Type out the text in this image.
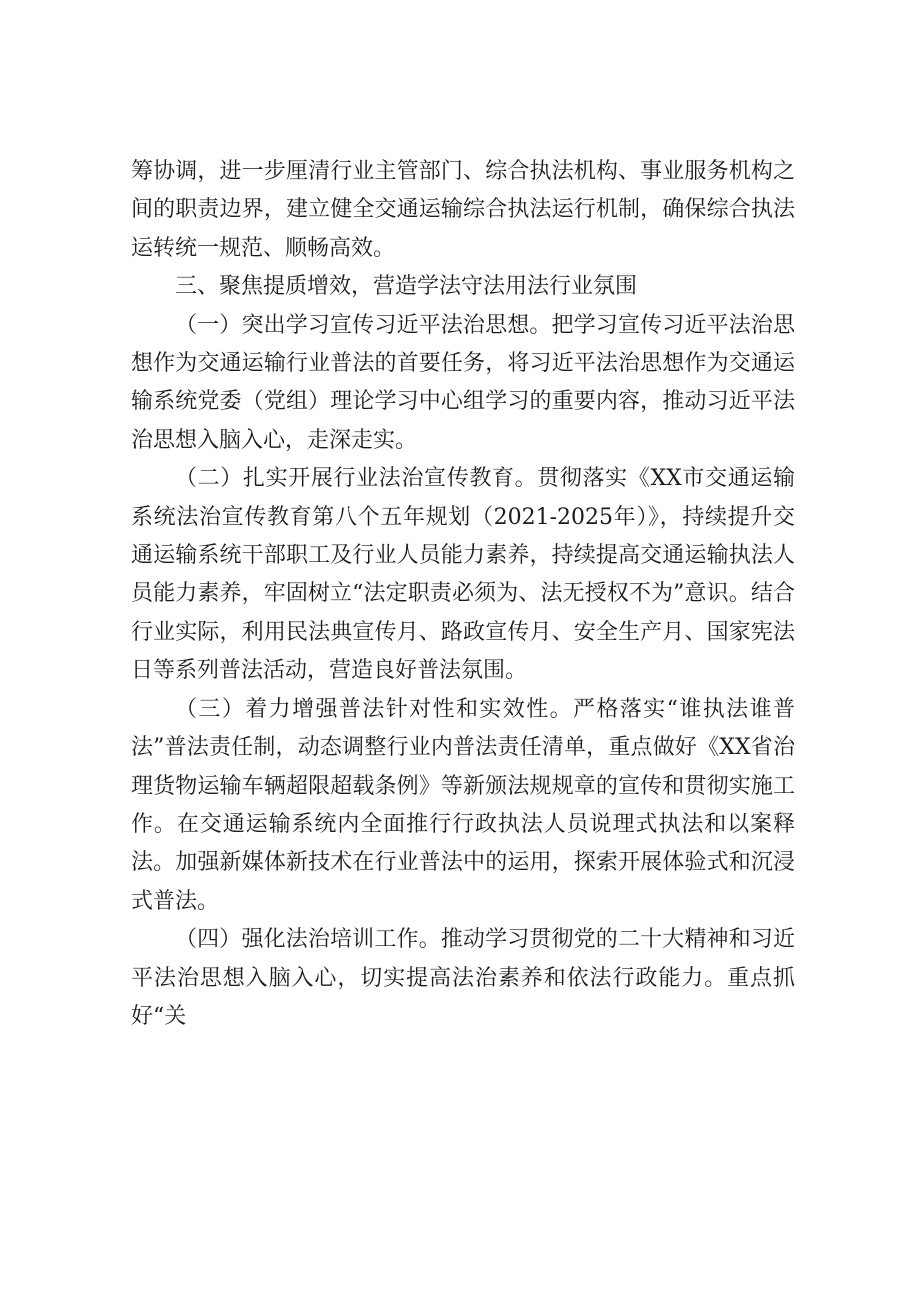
筹协调，进一步厘清行业主管部门、综合执法机构、事业服务机构之间的职责边界，建立健全交通运输综合执法运行机制，确保综合执法运转统一规范、顺畅高效。

三、聚焦提质增效，营造学法守法用法行业氛围

（一）突出学习宣传习近平法治思想。把学习宣传习近平法治思想作为交通运输行业普法的首要任务，将习近平法治思想作为交通运输系统党委（党组）理论学习中心组学习的重要内容，推动习近平法治思想入脑入心，走深走实。

（二）扎实开展行业法治宣传教育。贯彻落实《XX市交通运输系统法治宣传教育第八个五年规划（2021-2025年）》，持续提升交通运输系统干部职工及行业人员能力素养，持续提高交通运输执法人员能力素养，牢固树立“法定职责必须为、法无授权不为”意识。结合行业实际，利用民法典宣传月、路政宣传月、安全生产月、国家宪法日等系列普法活动，营造良好普法氛围。

（三）着力增强普法针对性和实效性。严格落实“谁执法谁普法”普法责任制，动态调整行业内普法责任清单，重点做好《XX省治理货物运输车辆超限超载条例》等新颁法规规章的宣传和贯彻实施工作。在交通运输系统内全面推行行政执法人员说理式执法和以案释法。加强新媒体新技术在行业普法中的运用，探索开展体验式和沉浸式普法。

（四）强化法治培训工作。推动学习贯彻党的二十大精神和习近平法治思想入脑入心，切实提高法治素养和依法行政能力。重点抓好“关
